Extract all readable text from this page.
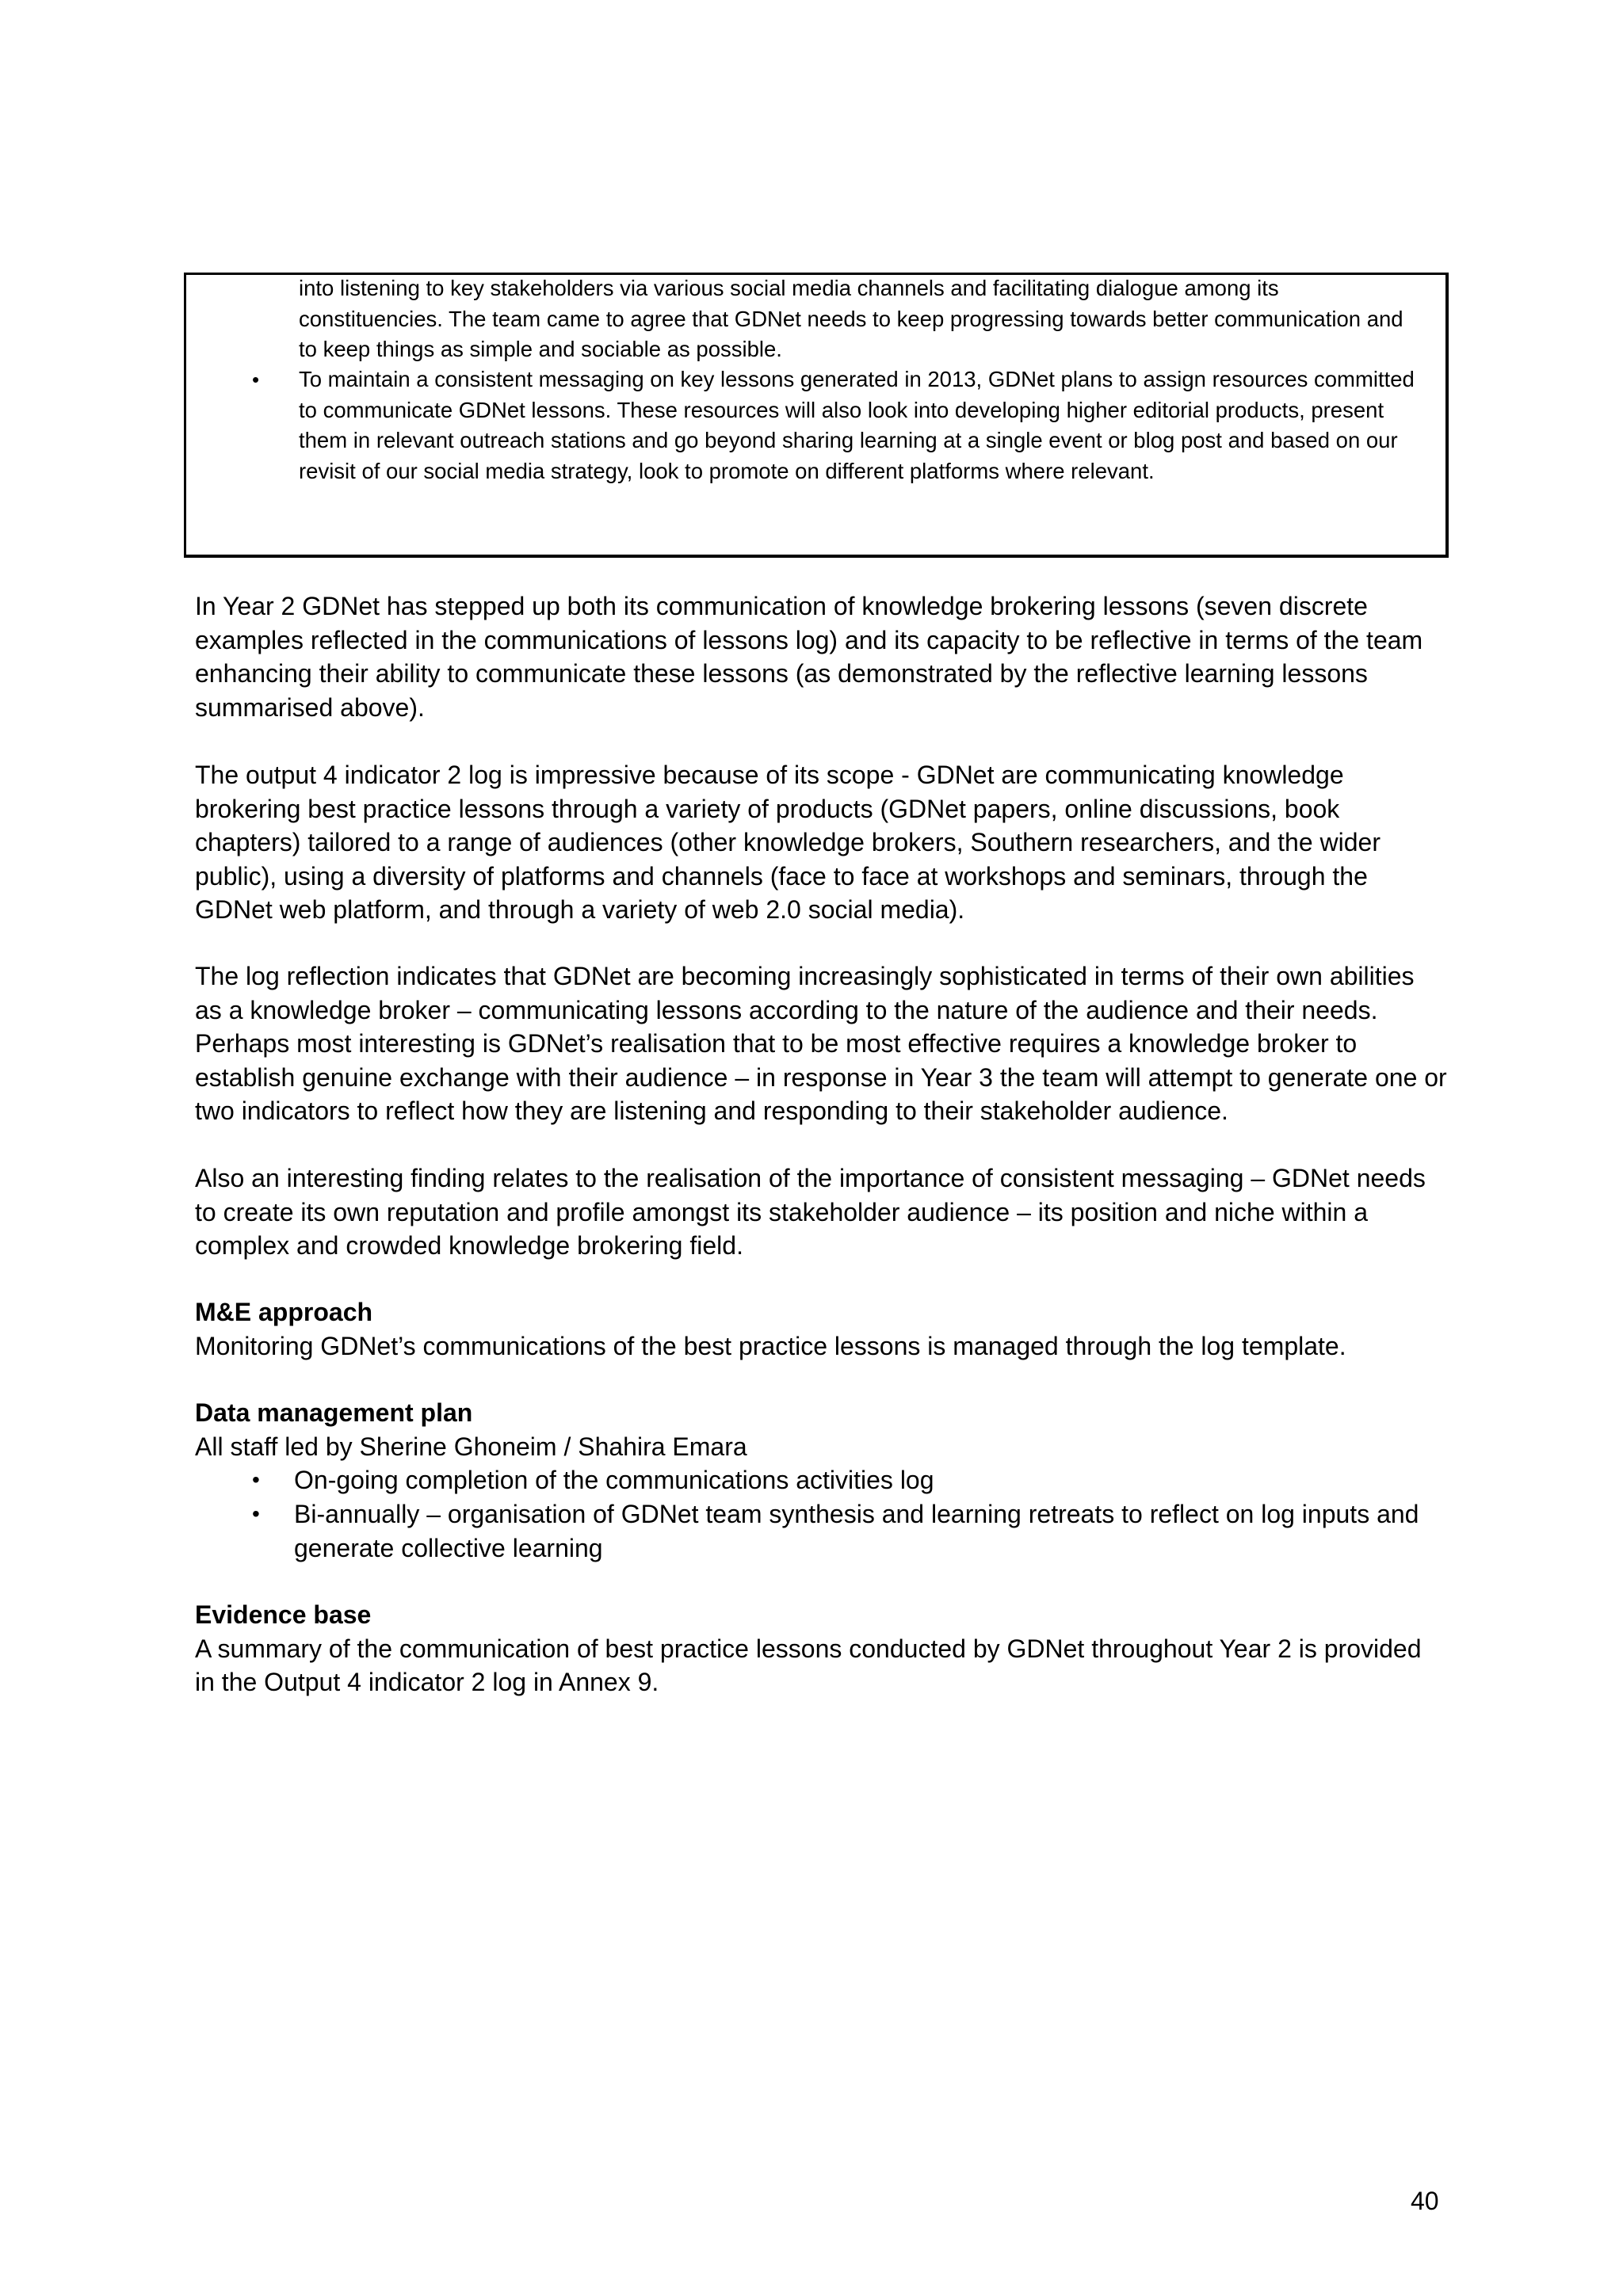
into listening to key stakeholders via various social media channels and facilitating dialogue among its constituencies. The team came to agree that GDNet needs to keep progressing towards better communication and to keep things as simple and sociable as possible.

• To maintain a consistent messaging on key lessons generated in 2013, GDNet plans to assign resources committed to communicate GDNet lessons. These resources will also look into developing higher editorial products, present them in relevant outreach stations and go beyond sharing learning at a single event or blog post and based on our revisit of our social media strategy, look to promote on different platforms where relevant.

In Year 2 GDNet has stepped up both its communication of knowledge brokering lessons (seven discrete examples reflected in the communications of lessons log) and its capacity to be reflective in terms of the team enhancing their ability to communicate these lessons (as demonstrated by the reflective learning lessons summarised above).

The output 4 indicator 2 log is impressive because of its scope - GDNet are communicating knowledge brokering best practice lessons through a variety of products (GDNet papers, online discussions, book chapters) tailored to a range of audiences (other knowledge brokers, Southern researchers, and the wider public), using a diversity of platforms and channels (face to face at workshops and seminars, through the GDNet web platform, and through a variety of web 2.0 social media).

The log reflection indicates that GDNet are becoming increasingly sophisticated in terms of their own abilities as a knowledge broker – communicating lessons according to the nature of the audience and their needs. Perhaps most interesting is GDNet’s realisation that to be most effective requires a knowledge broker to establish genuine exchange with their audience – in response in Year 3 the team will attempt to generate one or two indicators to reflect how they are listening and responding to their stakeholder audience.

Also an interesting finding relates to the realisation of the importance of consistent messaging – GDNet needs to create its own reputation and profile amongst its stakeholder audience – its position and niche within a complex and crowded knowledge brokering field.

M&E approach

Monitoring GDNet’s communications of the best practice lessons is managed through the log template.

Data management plan

All staff led by Sherine Ghoneim / Shahira Emara

• On-going completion of the communications activities log
• Bi-annually – organisation of GDNet team synthesis and learning retreats to reflect on log inputs and generate collective learning

Evidence base

A summary of the communication of best practice lessons conducted by GDNet throughout Year 2 is provided in the Output 4 indicator 2 log in Annex 9.

40
